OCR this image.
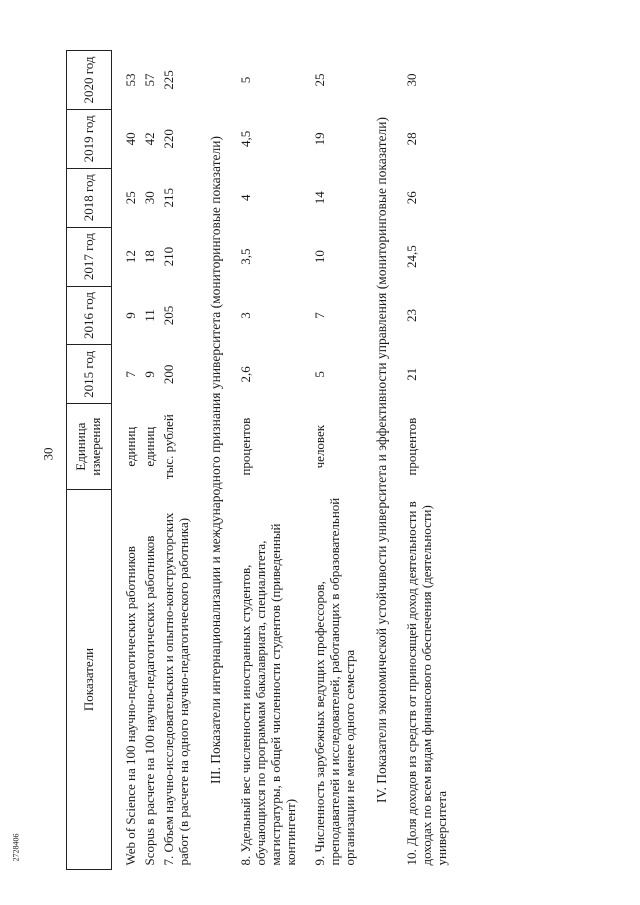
30
2728406
Показатели	Единица измерения	2015 год	2016 год	2017 год	2018 год	2019 год	2020 год

Web of Science на 100 научно-педагогических работников	единиц	7	9	12	25	40	53
Scopus в расчете на 100 научно-педагогических работников	единиц	9	11	18	30	42	57
7. Объем научно-исследовательских и опытно-конструкторских работ (в расчете на одного научно-педагогического работника)	тыс. рублей	200	205	210	215	220	225
III. Показатели интернационализации и международного признания университета (мониторинговые показатели)							
8. Удельный вес численности иностранных студентов, обучающихся по программам бакалавриата, специалитета, магистратуры, в общей численности студентов (приведенный контингент)	процентов	2,6	3	3,5	4	4,5	5

9. Численность зарубежных ведущих профессоров, преподавателей и исследователей, работающих в образовательной организации не менее одного семестра	человек	5	7	10	14	19	25
IV. Показатели экономической устойчивости университета и эффективности управления (мониторинговые показатели)							
10. Доля доходов из средств от приносящей доход деятельности в доходах по всем видам финансового обеспечения (деятельности) университета	процентов	21	23	24,5	26	28	30
